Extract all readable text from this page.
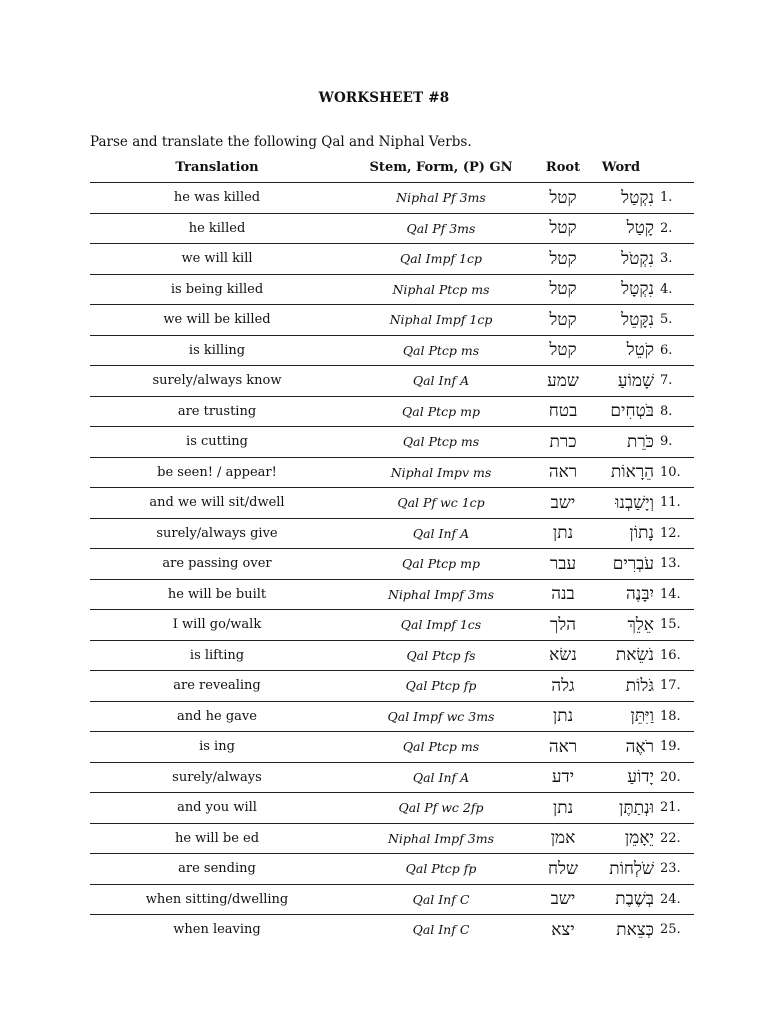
WORKSHEET #8
Parse and translate the following Qal and Niphal Verbs.
Translation	Stem, Form, (P) GN	Root	Word	
he was killed	Niphal Pf 3ms	קטל	נִקְטַל	1.
he killed	Qal Pf 3ms	קטל	קָטַל	2.
we will kill	Qal Impf 1cp	קטל	נִקְטֹל	3.
is being killed	Niphal Ptcp ms	קטל	נִקְטָל	4.
we will be killed	Niphal Impf 1cp	קטל	נִקָּטֵל	5.
is killing	Qal Ptcp ms	קטל	קֹטֵל	6.
surely/always know	Qal Inf A	שמע	שָׁמוֹעַ	7.
are trusting	Qal Ptcp mp	בטח	בֹּטְחִים	8.
is cutting	Qal Ptcp ms	כרת	כֹּרֵת	9.
be seen! / appear!	Niphal Impv ms	ראה	הֵרָאוֹת	10.
and we will sit/dwell	Qal Pf wc 1cp	ישב	וְיָשַׁבְנוּ	11.
surely/always give	Qal Inf A	נתן	נָתוֹן	12.
are passing over	Qal Ptcp mp	עבר	עֹבְרִים	13.
he will be built	Niphal Impf 3ms	בנה	יִבָּנֶה	14.
I will go/walk	Qal Impf 1cs	הלך	אֵלֵךְ	15.
is lifting	Qal Ptcp fs	נשׂא	נֹשֵׂאת	16.
are revealing	Qal Ptcp fp	גלה	גֹּלוֹת	17.
and he gave	Qal Impf wc 3ms	נתן	וַיִּתֵּן	18.
is ing	Qal Ptcp ms	ראה	רֹאֶה	19.
surely/always	Qal Inf A	ידע	יָדוֹעַ	20.
and you will	Qal Pf wc 2fp	נתן	וּנְתַתֶּן	21.
he will be ed	Niphal Impf 3ms	אמן	יֵאָמֵן	22.
are sending	Qal Ptcp fp	שלח	שֹׁלְחוֹת	23.
when sitting/dwelling	Qal Inf C	ישב	בְּשֶׁבֶת	24.
when leaving	Qal Inf C	יצא	כְּצֵאת	25.
